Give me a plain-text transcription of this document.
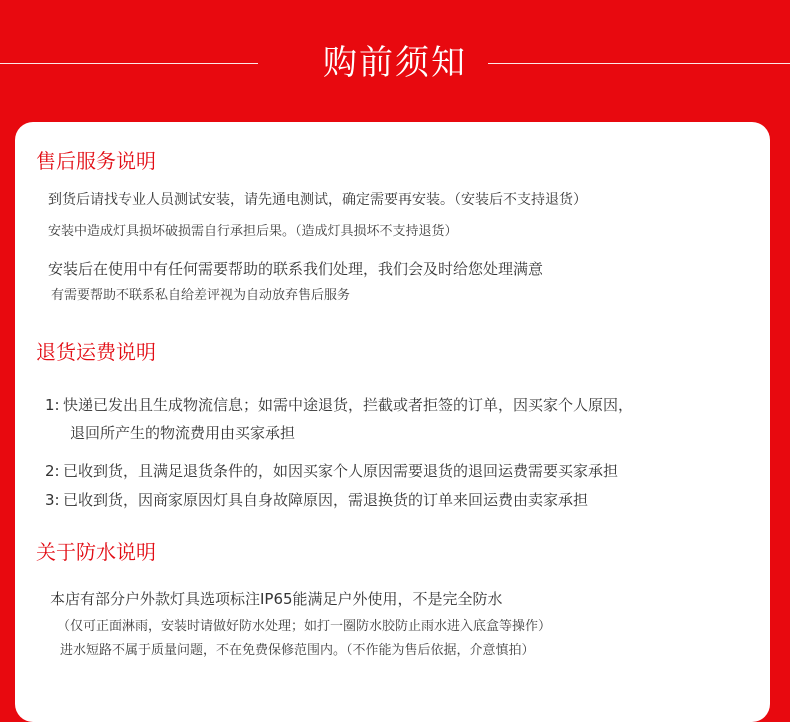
购前须知
售后服务说明
到货后请找专业人员测试安装，请先通电测试，确定需要再安装。（安装后不支持退货）
安装中造成灯具损坏破损需自行承担后果。（造成灯具损坏不支持退货）
安装后在使用中有任何需要帮助的联系我们处理，我们会及时给您处理满意
有需要帮助不联系私自给差评视为自动放弃售后服务
退货运费说明
1: 快递已发出且生成物流信息；如需中途退货，拦截或者拒签的订单，因买家个人原因，
退回所产生的物流费用由买家承担
2: 已收到货，且满足退货条件的，如因买家个人原因需要退货的退回运费需要买家承担
3: 已收到货，因商家原因灯具自身故障原因，需退换货的订单来回运费由卖家承担
关于防水说明
本店有部分户外款灯具选项标注IP65能满足户外使用，不是完全防水
（仅可正面淋雨，安装时请做好防水处理；如打一圈防水胶防止雨水进入底盒等操作）
进水短路不属于质量问题，不在免费保修范围内。（不作能为售后依据，介意慎拍）
